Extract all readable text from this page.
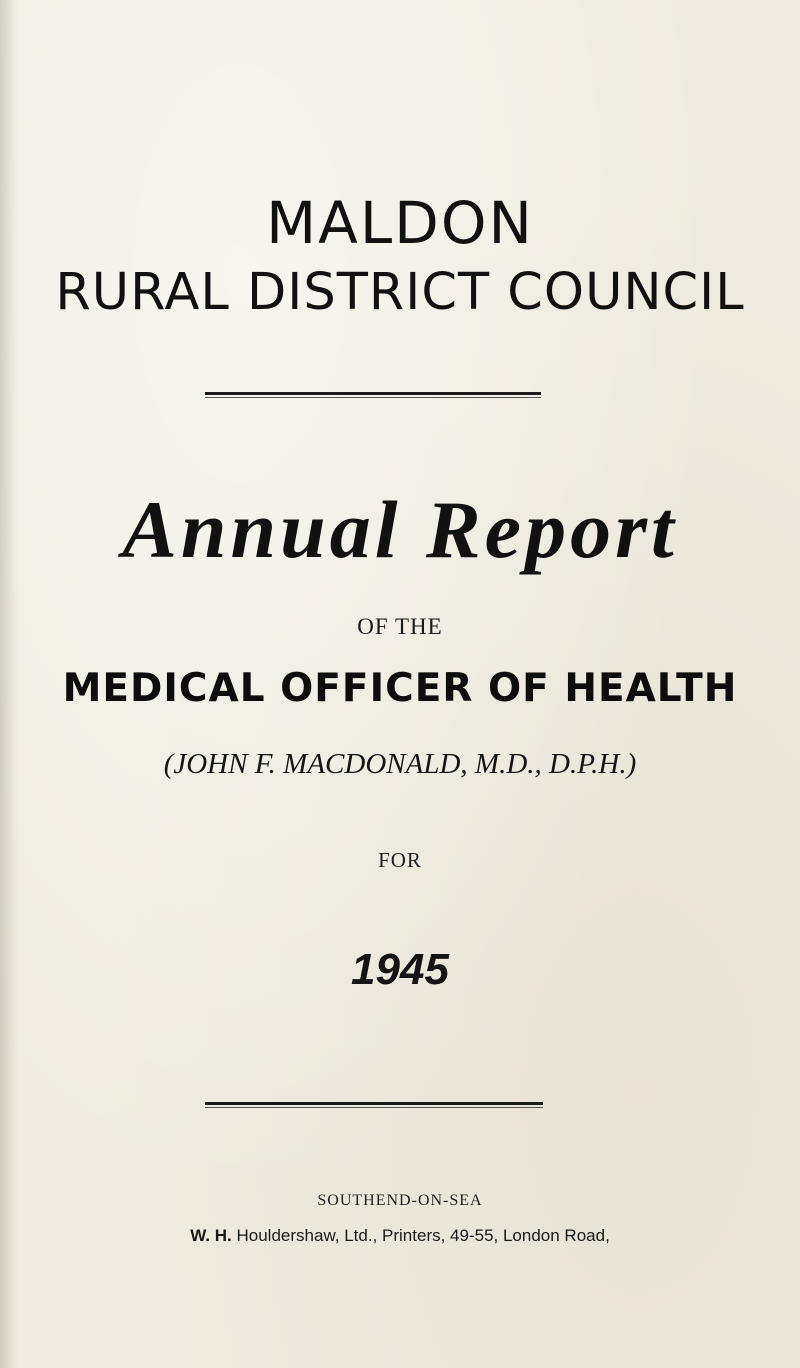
MALDON
RURAL DISTRICT COUNCIL
Annual Report
OF THE
MEDICAL OFFICER OF HEALTH
(JOHN F. MACDONALD, M.D., D.P.H.)
FOR
1945
SOUTHEND-ON-SEA
W. H. Houldershaw, Ltd., Printers, 49-55, London Road,
